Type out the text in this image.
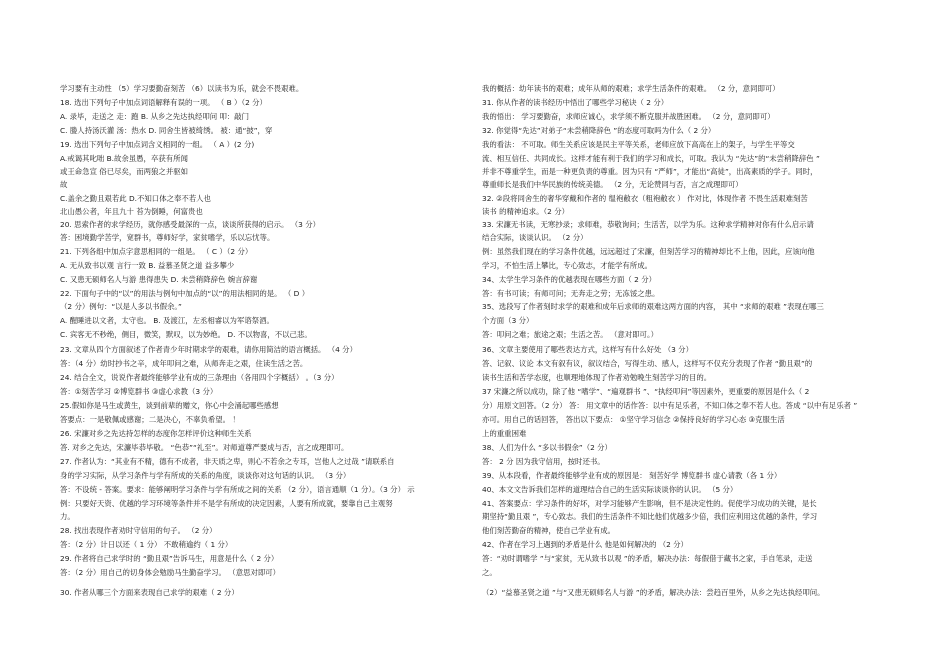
学习要有主动性 （5）学习要勤奋刻苦 （6）以读书为乐，就会不畏艰难。
18. 选出下列句子中加点词语解释有误的一项。 （ B ）（2 分）
A. 录毕，走送之 走：跑 B. 从乡之先达执经叩问 叩：敲门
C. 媵人持汤沃灌 汤：热水 D. 同舍生皆被绮绣。 被：通“披”，穿
19. 选出下列句子中加点词含义相同的一组。 （ A ）(2 分)
A.戒谒其叱咄 B.故余虽愚，卒获有所闻
或王命急宣 俗已尽矣，而两狼之并驱如
故
C.盖余之勤且艰若此 D.不知口体之奉不若人也
北山愚公者，年且九十 苔为倒睡，何富贵也
20. 思索作者的求学经历，就你感受最深的一点，谈谈所获得的启示。 （3 分）
答：困境勤学苦学，宽群书，尊师好学，家贫嗜学，乐以忘忧等。
21. 下列各组中加点字意思相同的一组是。 （ C ）（2 分）
A. 无从致书以观 言行一致 B. 益慕圣贤之道 益多攀少
C. 又患无硕师名人与游 患得患失 D. 未尝稍降辞色 婉言辞谢
22. 下面句子中的“以”的用法与例句中加点的“以”的用法相同的是。 （ D ）
（2 分）例句：“以是人多以书假余。”
A. 醒睡进以文者，太守也。 B. 及渡江，左丞相睿以为军谘祭酒。
C. 宾客无不秒绝，侧目，微笑，默叹，以为妙绝。 D. 不以物喜，不以己悲。
23. 文章从四个方面叙述了作者青少年时期求学的艰难，请你用简洁的语言概括。 （4 分）
答：（4 分）幼时抄书之辛，成年叩问之难，从师奔走之艰，住读生活之苦。
24. 结合全文，说说作者最终能够学业有成的三条理由（各用四个字概括） 。（3 分）
答：①刻苦学习 ②博览群书 ③虚心求教（3 分）
25.假如你是马生或黄生，谈到前辈的赠文，你心中会涌起哪些感想
答要点：一是敬佩或感谢；二是决心，不辜负希望。 ！
26. 宋濂对乡之先达持怎样的态度你怎样评价这种师生关系
答. 对乡之先达，宋濂毕恭毕敬。 “色恭”“礼至”。对师道尊严要成与否，言之成理即可。
27. 作者认为：“其业有不精，德有不成者，非天质之卑，则心不若余之专耳，岂他人之过哉 ”请联系自
身的学习实际，从学习条件与学有所成的关系的角度，谈谈你对这句话的认识。 （3 分）
答：不设统 - 答案。要求：能够阐明学习条件与学有所成之间的关系 （2 分），语言通顺（1 分）。（3 分） 示
例：只要好天资、优越的学习环境等条件并不是学有所成的决定因素，人要有所成就，要靠自己主观努
力。
28. 找出表现作者劝时守信用的句子。 （2 分）
答：（2 分）计日以还（ 1 分） 不敢稍逾约（ 1 分）
29. 作者将自己求学时的 “勤且艰”告诉马生，用意是什么（ 2 分）
答：（2 分）用自己的切身体会勉励马生勤奋学习。 （意思对即可）
30. 作者从哪三个方面来表现自己求学的艰难（ 2 分）
我的概括：幼年读书的艰难；成年从师的艰难；求学生活条件的艰难。 （2 分，意同即可）
31. 你从作者的读书经历中悟出了哪些学习秘诀（ 2 分）
我的悟出： 学习要勤奋，求师应诚心，求学须不断克服并战胜困难。 （2 分，意同即可）
32. 你觉得“先达”对弟子“未尝稍降辞色 ”的态度可取吗为什么（ 2 分）
我的看法： 不可取。师生关系应该是民主平等关系，老师应放下高高在上的架子，与学生平等交
流、相互信任、共同成长。这样才能有利于我们的学习和成长，可取。我认为 “先达”的“未尝稍降辞色 ”
并非不尊重学生，而是一种更负责的尊重。因为只有 “严师”，才能出“高徒”，出高素质的学子。同时，
尊重师长是我们中华民族的传统美德。 （2 分，无论赞同与否，言之成理即可）
32. ②段将同舍生的奢华穿戴和作者的 缊袍敝衣（粗袍敝衣 ） 作对比，体现作者 不畏生活艰难刻苦
读书 的精神追求。（2 分）
33. 宋濂无书读，无寒抄录；求师难，恭敬询问；生活苦，以学为乐。这种求学精神对你有什么启示请
结合实际，谈谈认识。 （2 分）
例：虽然我们现在的学习条件优越，远远超过了宋濂，但刻苦学习的精神却比不上他，因此，应该向他
学习，不怕生活上攀比，专心致志，才能学有所成。
34、太学生学习条件的优越表现在哪些方面（ 2 分）
答：有书可读；有师可问；无奔走之劳；无冻馁之患。
35、选段写了作者刻时求学的艰难和成年后求师的艰难这两方面的内容， 其中 “求师的艰难 ”表现在哪三
个方面（3 分）
答：叩问之难；旅途之艰；生活之苦。 （意对即可。）
36、文章主要使用了哪些表达方式，这样写有什么好处 （3 分）
答、记叙、议论 本文有叙有议，叙议结合，写得生动、感人，这样写不仅充分表现了作者 “勤且艰”的
读书生活和苦学态度，也顺理地体现了作者劝勉晚生刻苦学习的目的。
37 宋濂之所以成功，除了他 “嗜学”、“遍观群书 ”、“执经叩问”等因素外，更重要的原因是什么（ 2
分）用原文回答。（2 分） 答： 用文章中的话作答：以中有足乐者，不知口体之奉不若人也。答成 “以中有足乐者 ”
亦可。用自己的话回答， 答出以下要点： ①坚守学习信念 ②保持良好的学习心态 ③克服生活
上的重重困难
38、人们为什么 “多以书假余”（2 分）
答： 2 分 因为我守信用，按时还书。
39、从本段看，作者最终能够学业有成的原因是： 刻苦好学 博览群书 虚心请教（各 1 分）
40、本文文告诉我们怎样的道理结合自己的生活实际谈谈你的认识。 （5 分）
41、答案要点：学习条件的好坏，对学习能够产生影响，但不是决定性的。促使学习成功的关键，是长
期坚持“勤且艰 ”，专心致志。我们的生活条件不知比他们优越多少倍，我们应利用这优越的条件，学习
他们刻苦勤奋的精神，使自己学业有成。
42、作者在学习上遇到的矛盾是什么 他是如何解决的 （2 分）
答：“劝时谓嗜学 ”与“家贫，无从致书以观 ”的矛盾，解决办法：每假借于藏书之家，手自笔录，走送
之。
（2）“益慕圣贤之道 ”与“又患无硕师名人与游 ”的矛盾，解决办法：尝趋百里外，从乡之先达执经叩问。
